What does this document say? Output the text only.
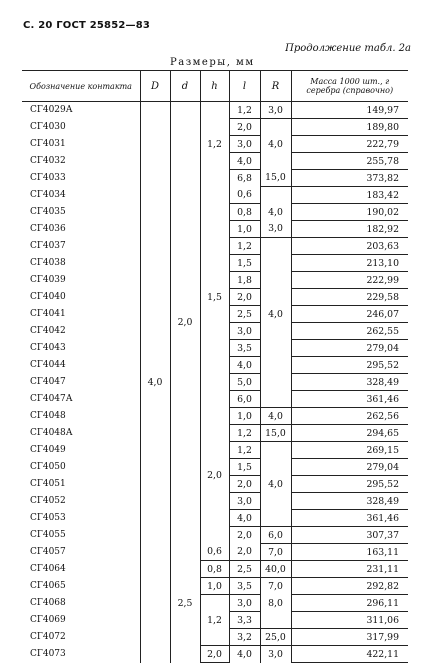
С. 20 ГОСТ 25852—83
Продолжение табл. 2а
Размеры, мм
Обозначение контакта	D	d	h	l	R	Масса 1000 шт., г серебра (справочно)
СГ4029А	4,0	2,0	1,2	1,2	3,0	149,97
СГ4030				2,0		189,80
СГ4031				3,0	4,0	222,79
СГ4032				4,0		255,78
СГ4033				6,8	15,0	373,82
СГ4034			1,5	0,6		183,42
СГ4035				0,8	4,0	190,02
СГ4036				1,0	3,0	182,92
СГ4037				1,2		203,63
СГ4038				1,5		213,10
СГ4039				1,8		222,99
СГ4040				2,0		229,58
СГ4041				2,5	4,0	246,07
СГ4042				3,0		262,55
СГ4043				3,5		279,04
СГ4044				4,0		295,52
СГ4047				5,0		328,49
СГ4047А				6,0		361,46
СГ4048			2,0	1,0	4,0	262,56
СГ4048А				1,2	15,0	294,65
СГ4049				1,2		269,15
СГ4050				1,5		279,04
СГ4051				2,0	4,0	295,52
СГ4052				3,0		328,49
СГ4053				4,0		361,46
СГ4055				2,0	6,0	307,37
СГ4057		2,5	0,6	2,0	7,0	163,11
СГ4064			0,8	2,5	40,0	231,11
СГ4065			1,0	3,5	7,0	292,82
СГ4068			1,2	3,0	8,0	296,11
СГ4069				3,3		311,06
СГ4072				3,2	25,0	317,99
СГ4073			2,0	4,0	3,0	422,11
